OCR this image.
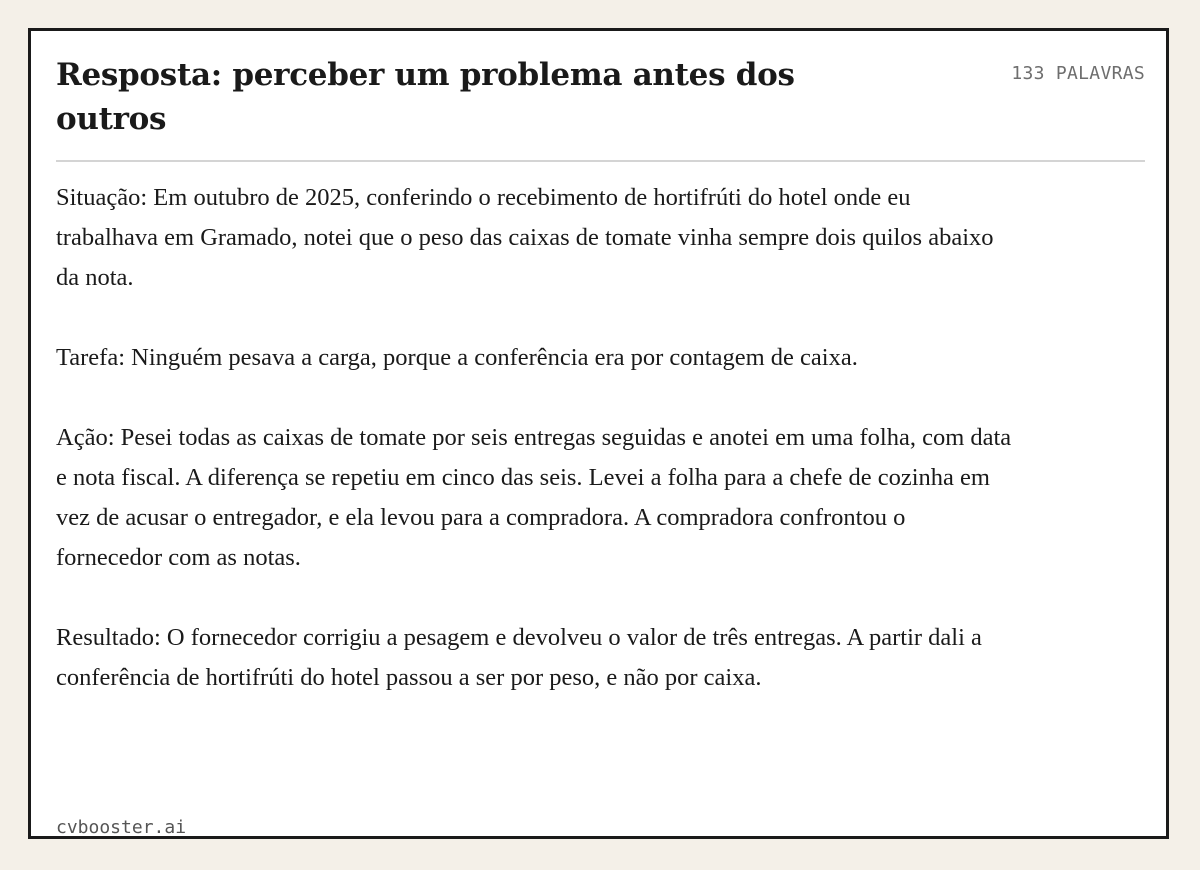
Resposta: perceber um problema antes dos outros
133 PALAVRAS

Situação: Em outubro de 2025, conferindo o recebimento de hortifrúti do hotel onde eu trabalhava em Gramado, notei que o peso das caixas de tomate vinha sempre dois quilos abaixo da nota.

Tarefa: Ninguém pesava a carga, porque a conferência era por contagem de caixa.

Ação: Pesei todas as caixas de tomate por seis entregas seguidas e anotei em uma folha, com data e nota fiscal. A diferença se repetiu em cinco das seis. Levei a folha para a chefe de cozinha em vez de acusar o entregador, e ela levou para a compradora. A compradora confrontou o fornecedor com as notas.

Resultado: O fornecedor corrigiu a pesagem e devolveu o valor de três entregas. A partir dali a conferência de hortifrúti do hotel passou a ser por peso, e não por caixa.

cvbooster.ai
